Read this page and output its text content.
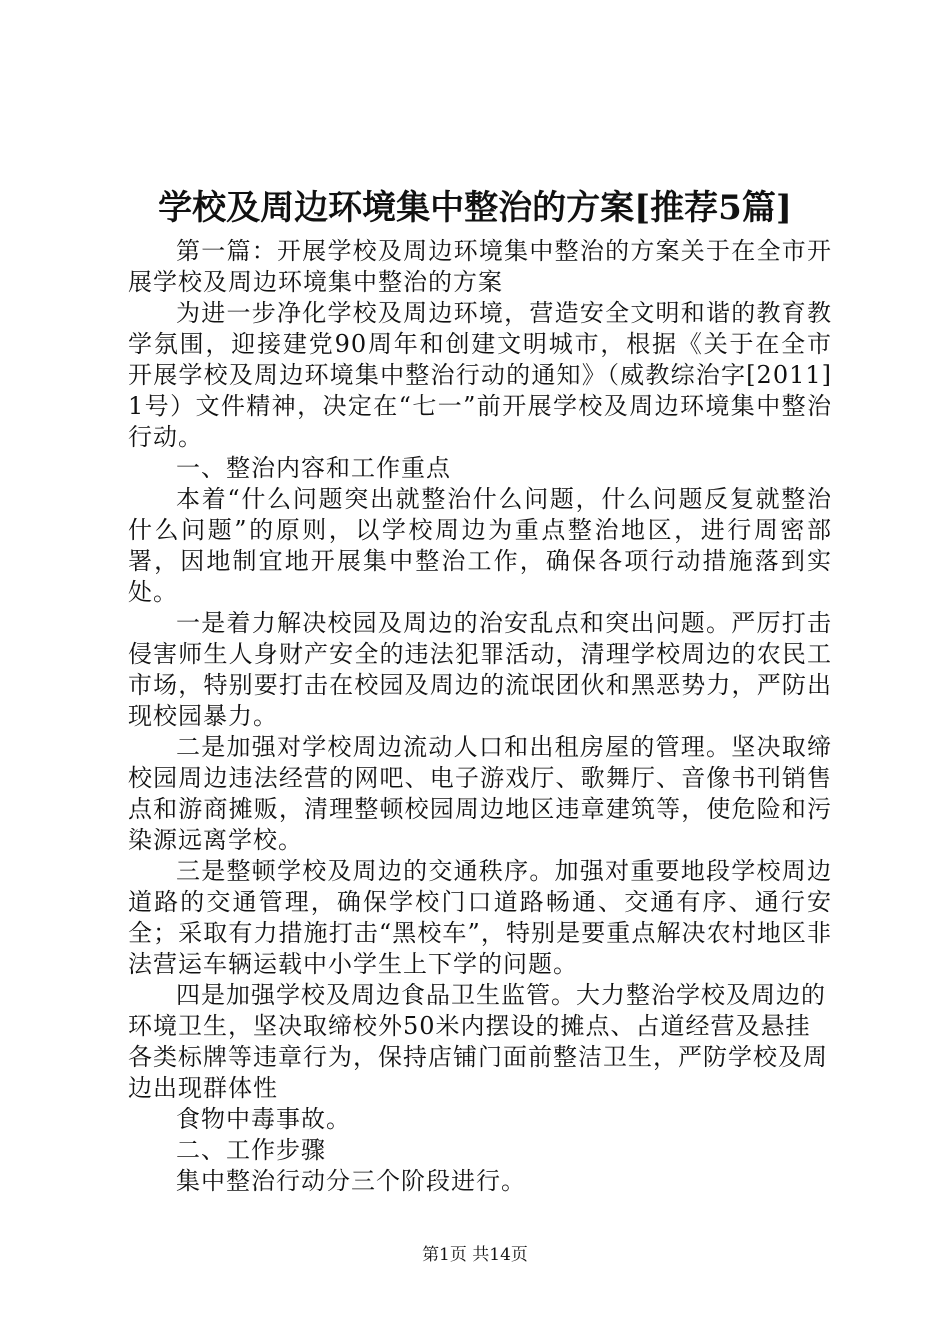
学校及周边环境集中整治的方案[推荐5篇]

第一篇：开展学校及周边环境集中整治的方案关于在全市开展学校及周边环境集中整治的方案

为进一步净化学校及周边环境，营造安全文明和谐的教育教学氛围，迎接建党90周年和创建文明城市，根据《关于在全市开展学校及周边环境集中整治行动的通知》（威教综治字[2011]1号）文件精神，决定在“七一”前开展学校及周边环境集中整治行动。

一、整治内容和工作重点

本着“什么问题突出就整治什么问题，什么问题反复就整治什么问题”的原则，以学校周边为重点整治地区，进行周密部署，因地制宜地开展集中整治工作，确保各项行动措施落到实处。

一是着力解决校园及周边的治安乱点和突出问题。严厉打击侵害师生人身财产安全的违法犯罪活动，清理学校周边的农民工市场，特别要打击在校园及周边的流氓团伙和黑恶势力，严防出现校园暴力。

二是加强对学校周边流动人口和出租房屋的管理。坚决取缔校园周边违法经营的网吧、电子游戏厅、歌舞厅、音像书刊销售点和游商摊贩，清理整顿校园周边地区违章建筑等，使危险和污染源远离学校。

三是整顿学校及周边的交通秩序。加强对重要地段学校周边道路的交通管理，确保学校门口道路畅通、交通有序、通行安全；采取有力措施打击“黑校车”，特别是要重点解决农村地区非法营运车辆运载中小学生上下学的问题。

四是加强学校及周边食品卫生监管。大力整治学校及周边的环境卫生，坚决取缔校外50米内摆设的摊点、占道经营及悬挂各类标牌等违章行为，保持店铺门面前整洁卫生，严防学校及周边出现群体性

食物中毒事故。

二、工作步骤

集中整治行动分三个阶段进行。

第1页 共14页
